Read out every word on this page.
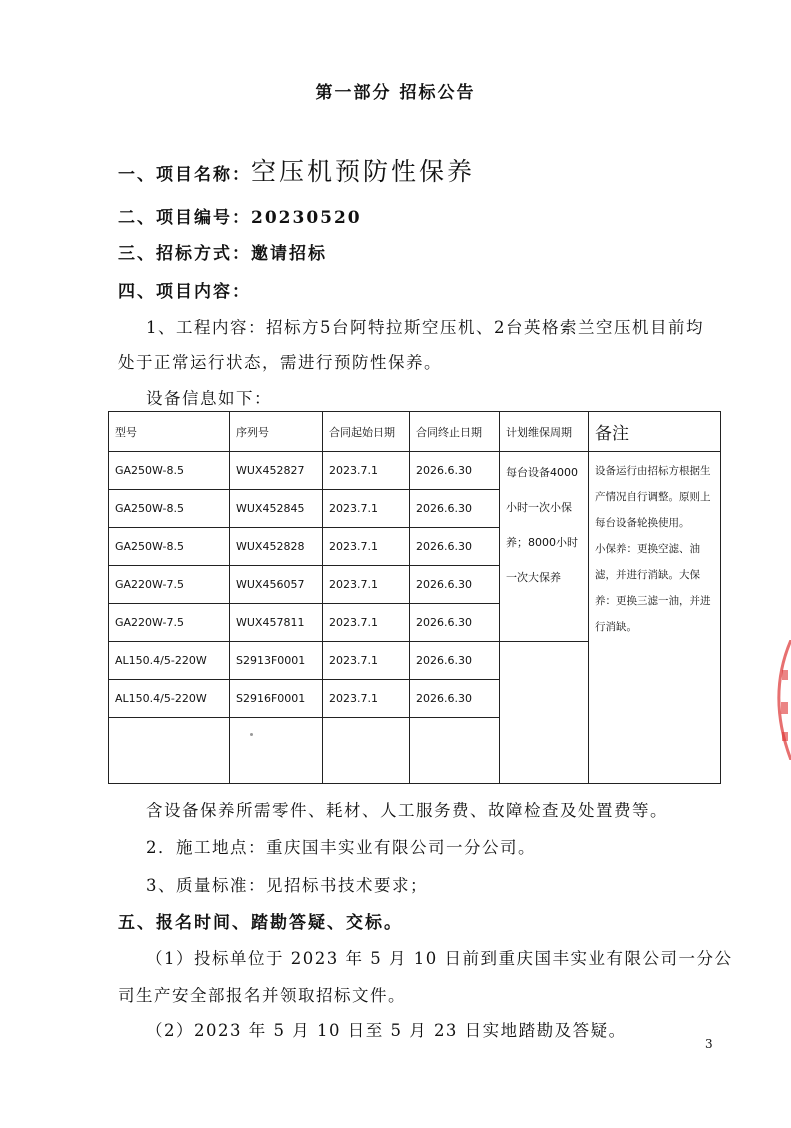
第一部分 招标公告
一、项目名称：空压机预防性保养
二、项目编号：20230520
三、招标方式：邀请招标
四、项目内容：
1、工程内容：招标方5台阿特拉斯空压机、2台英格索兰空压机目前均
处于正常运行状态，需进行预防性保养。
设备信息如下：
型号	序列号	合同起始日期	合同终止日期	计划维保周期	备注
GA250W-8.5	WUX452827	2023.7.1	2026.6.30	每台设备4000小时一次小保养；8000小时一次大保养	设备运行由招标方根据生产情况自行调整。原则上每台设备轮换使用。
小保养：更换空滤、油滤，并进行消缺。大保养：更换三滤一油，并进行消缺。

GA250W-8.5	WUX452845	2023.7.1	2026.6.30		
GA250W-8.5	WUX452828	2023.7.1	2026.6.30		
GA220W-7.5	WUX456057	2023.7.1	2026.6.30		
GA220W-7.5	WUX457811	2023.7.1	2026.6.30		
AL150.4/5-220W	S2913F0001	2023.7.1	2026.6.30		
AL150.4/5-220W	S2916F0001	2023.7.1	2026.6.30		

含设备保养所需零件、耗材、人工服务费、故障检查及处置费等。
2．施工地点：重庆国丰实业有限公司一分公司。
3、质量标准：见招标书技术要求；
五、报名时间、踏勘答疑、交标。
（1）投标单位于 2023 年 5 月 10 日前到重庆国丰实业有限公司一分公
司生产安全部报名并领取招标文件。
（2）2023 年 5 月 10 日至 5 月 23 日实地踏勘及答疑。
3
